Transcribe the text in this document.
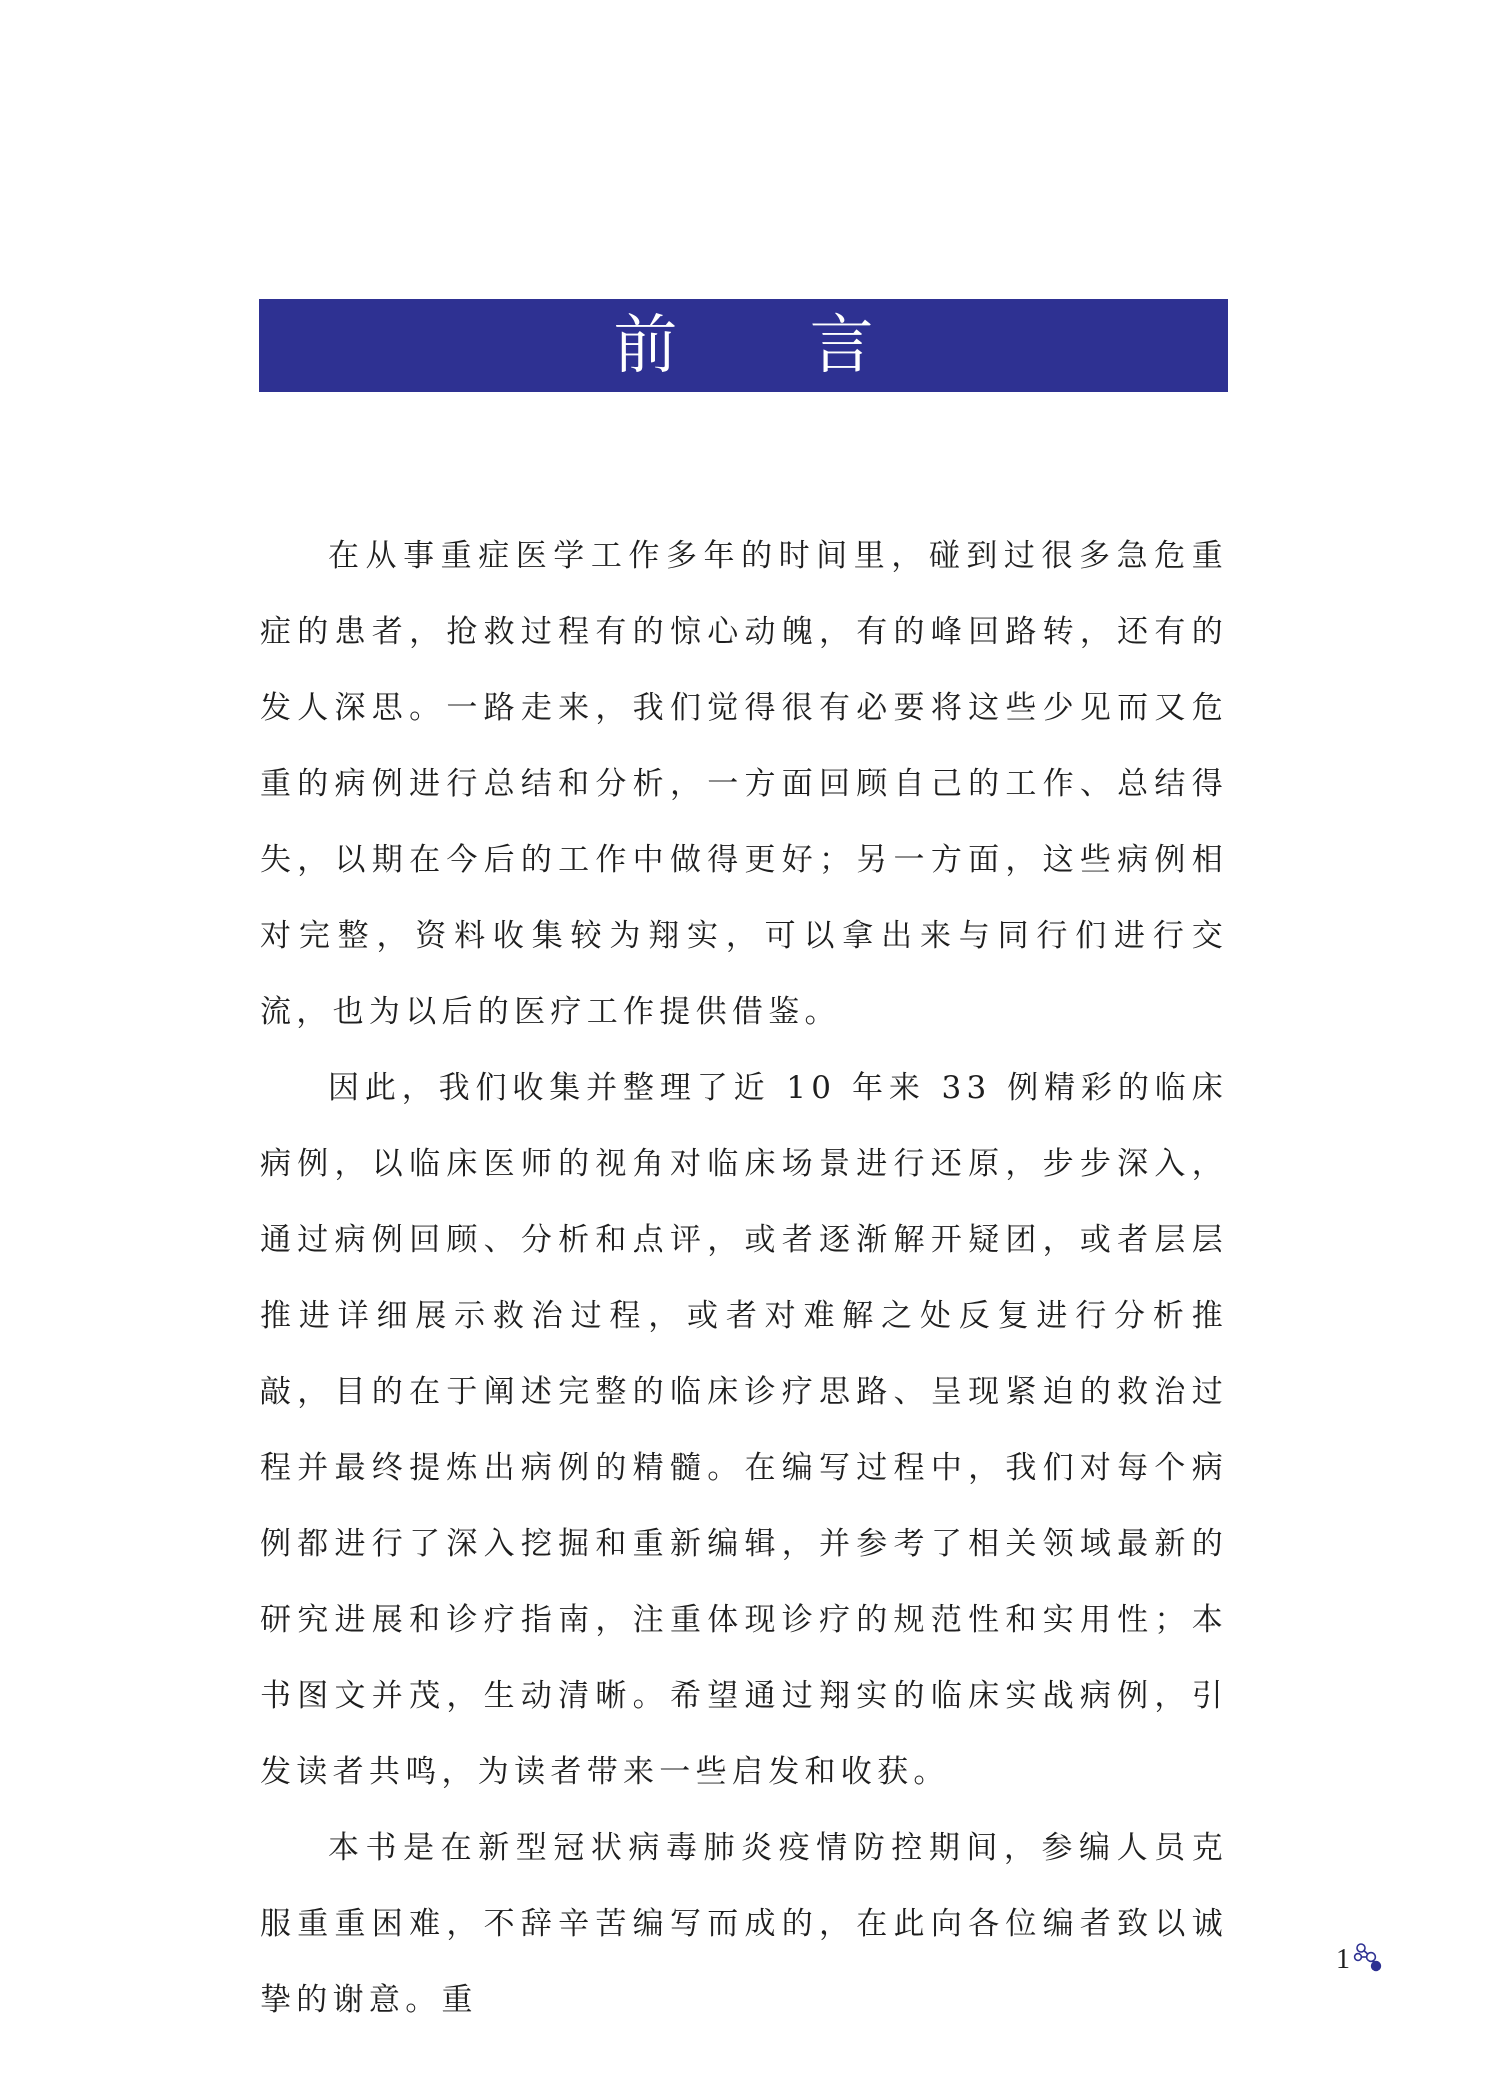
前 言

在从事重症医学工作多年的时间里，碰到过很多急危重症的患者，抢救过程有的惊心动魄，有的峰回路转，还有的发人深思。一路走来，我们觉得很有必要将这些少见而又危重的病例进行总结和分析，一方面回顾自己的工作、总结得失，以期在今后的工作中做得更好；另一方面，这些病例相对完整，资料收集较为翔实，可以拿出来与同行们进行交流，也为以后的医疗工作提供借鉴。

因此，我们收集并整理了近 10 年来 33 例精彩的临床病例，以临床医师的视角对临床场景进行还原，步步深入，通过病例回顾、分析和点评，或者逐渐解开疑团，或者层层推进详细展示救治过程，或者对难解之处反复进行分析推敲，目的在于阐述完整的临床诊疗思路、呈现紧迫的救治过程并最终提炼出病例的精髓。在编写过程中，我们对每个病例都进行了深入挖掘和重新编辑，并参考了相关领域最新的研究进展和诊疗指南，注重体现诊疗的规范性和实用性；本书图文并茂，生动清晰。希望通过翔实的临床实战病例，引发读者共鸣，为读者带来一些启发和收获。

本书是在新型冠状病毒肺炎疫情防控期间，参编人员克服重重困难，不辞辛苦编写而成的，在此向各位编者致以诚挚的谢意。重

1
